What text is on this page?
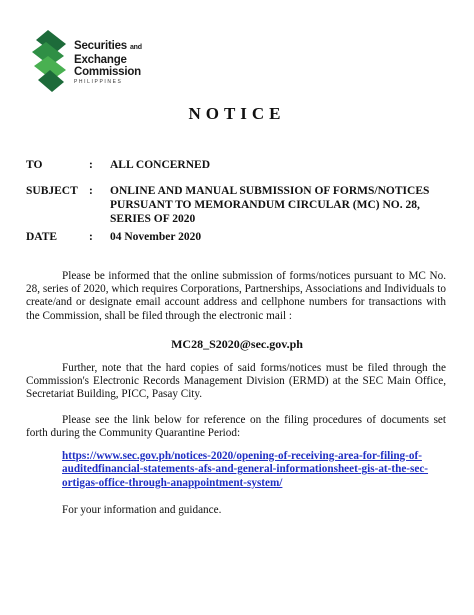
Securities and
Exchange
Commission
PHILIPPINES
NOTICE
TO	: ALL CONCERNED
SUBJECT : ONLINE AND MANUAL SUBMISSION OF FORMS/NOTICES PURSUANT TO MEMORANDUM CIRCULAR (MC) NO. 28, SERIES OF 2020
DATE	: 04 November 2020
Please be informed that the online submission of forms/notices pursuant to MC No. 28, series of 2020, which requires Corporations, Partnerships, Associations and Individuals to create/and or designate email account address and cellphone numbers for transactions with the Commission, shall be filed through the electronic mail :
MC28_S2020@sec.gov.ph
Further, note that the hard copies of said forms/notices must be filed through the Commission's Electronic Records Management Division (ERMD) at the SEC Main Office, Secretariat Building, PICC, Pasay City.
Please see the link below for reference on the filing procedures of documents set forth during the Community Quarantine Period:
https://www.sec.gov.ph/notices-2020/opening-of-receiving-area-for-filing-of-auditedfinancial-statements-afs-and-general-informationsheet-gis-at-the-sec-ortigas-office-through-anappointment-system/
For your information and guidance.
